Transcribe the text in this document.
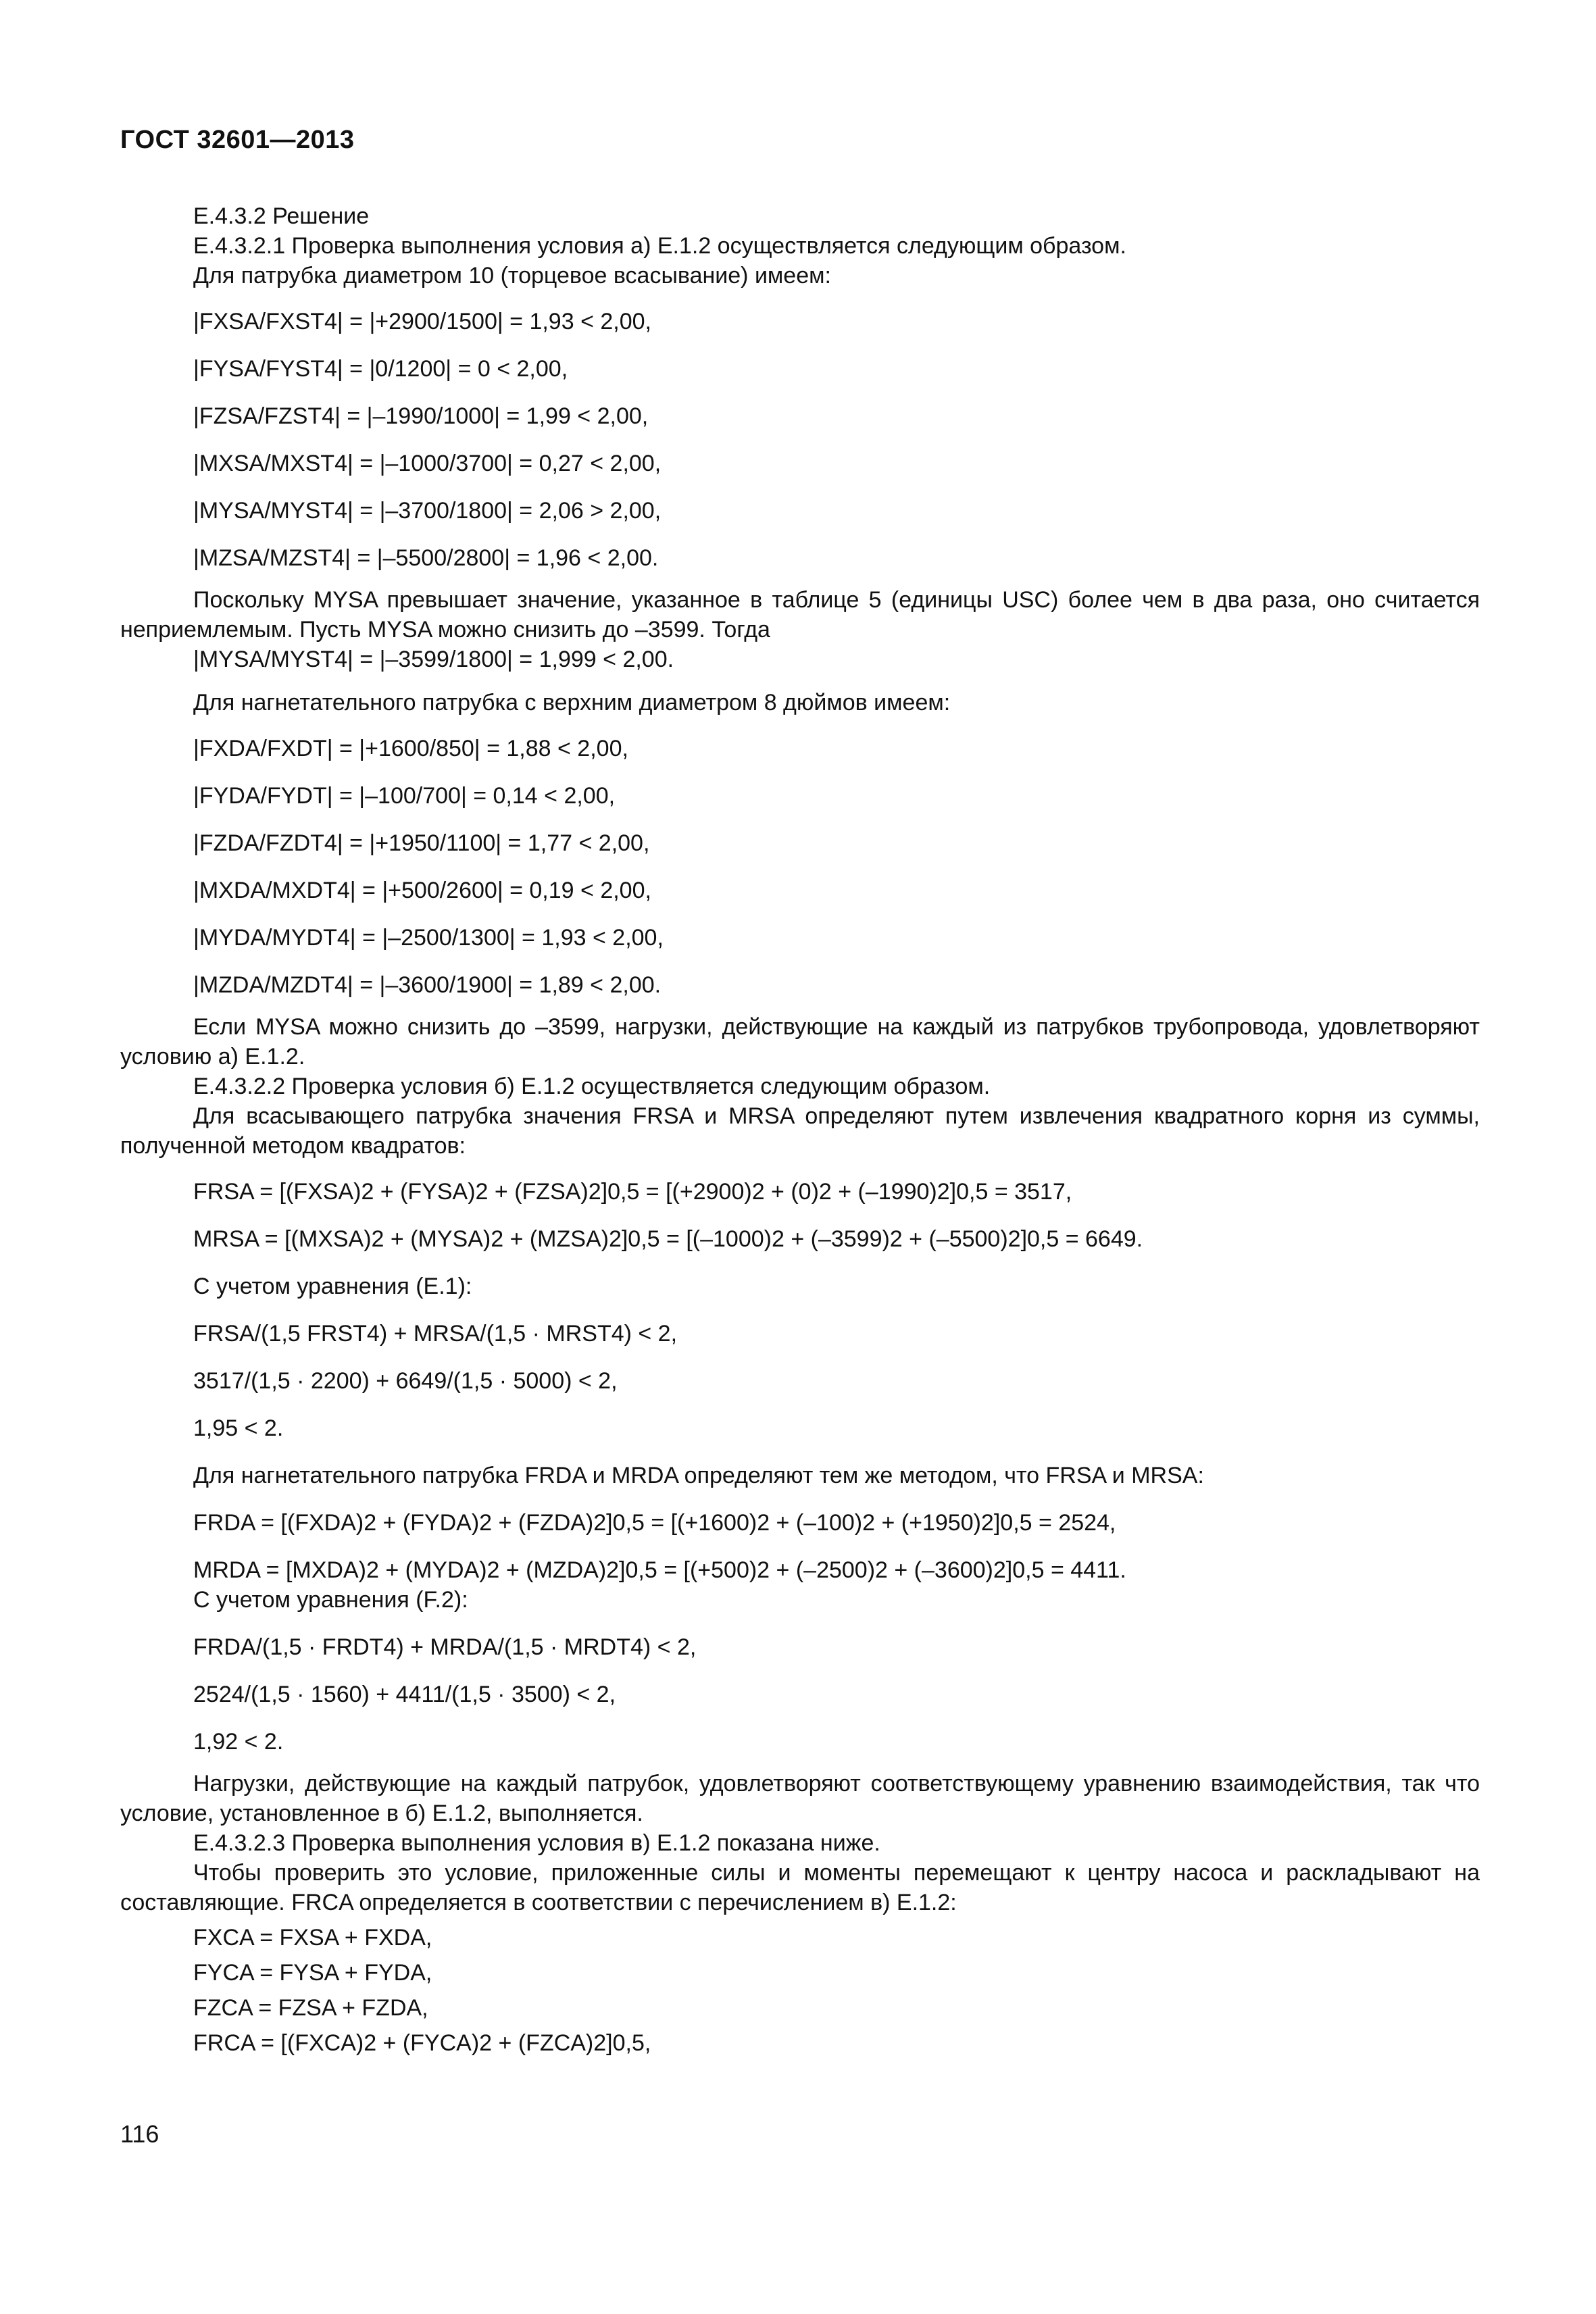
ГОСТ 32601—2013

Е.4.3.2 Решение

Е.4.3.2.1 Проверка выполнения условия а) Е.1.2 осуществляется следующим образом.

Для патрубка диаметром 10 (торцевое всасывание) имеем:

|FXSA/FXST4| = |+2900/1500| = 1,93 < 2,00,

|FYSA/FYST4| = |0/1200| = 0 < 2,00,

|FZSA/FZST4| = |–1990/1000| = 1,99 < 2,00,

|MXSA/MXST4| = |–1000/3700| = 0,27 < 2,00,

|MYSA/MYST4| = |–3700/1800| = 2,06 > 2,00,

|MZSA/MZST4| = |–5500/2800| = 1,96 < 2,00.

Поскольку MYSA превышает значение, указанное в таблице 5 (единицы USC) более чем в два раза, оно считается неприемлемым. Пусть MYSA можно снизить до –3599. Тогда

|MYSA/MYST4| = |–3599/1800| = 1,999 < 2,00.

Для нагнетательного патрубка с верхним диаметром 8 дюймов имеем:

|FXDA/FXDT| = |+1600/850| = 1,88 < 2,00,

|FYDA/FYDT| = |–100/700| = 0,14 < 2,00,

|FZDA/FZDT4| = |+1950/1100| = 1,77 < 2,00,

|MXDA/MXDT4| = |+500/2600| = 0,19 < 2,00,

|MYDA/MYDT4| = |–2500/1300| = 1,93 < 2,00,

|MZDA/MZDT4| = |–3600/1900| = 1,89 < 2,00.

Если MYSA можно снизить до –3599, нагрузки, действующие на каждый из патрубков трубопровода, удовлетворяют условию а) Е.1.2.

Е.4.3.2.2 Проверка условия б) Е.1.2 осуществляется следующим образом.

Для всасывающего патрубка значения FRSA и MRSA определяют путем извлечения квадратного корня из суммы, полученной методом квадратов:

FRSA = [(FXSA)2 + (FYSA)2 + (FZSA)2]0,5 = [(+2900)2 + (0)2 + (–1990)2]0,5 = 3517,

MRSA = [(MXSA)2 + (MYSA)2 + (MZSA)2]0,5 = [(–1000)2 + (–3599)2 + (–5500)2]0,5 = 6649.

С учетом уравнения (Е.1):

FRSA/(1,5 FRST4) + MRSA/(1,5 · MRST4) < 2,

3517/(1,5 · 2200) + 6649/(1,5 · 5000) < 2,

1,95 < 2.

Для нагнетательного патрубка FRDA и MRDA определяют тем же методом, что FRSA и MRSA:

FRDA = [(FXDA)2 + (FYDA)2 + (FZDA)2]0,5 = [(+1600)2 + (–100)2 + (+1950)2]0,5 = 2524,

MRDA = [MXDA)2 + (MYDA)2 + (MZDA)2]0,5 = [(+500)2 + (–2500)2 + (–3600)2]0,5 = 4411.

С учетом уравнения (F.2):

FRDA/(1,5 · FRDT4) + MRDA/(1,5 · MRDT4) < 2,

2524/(1,5 · 1560) + 4411/(1,5 · 3500) < 2,

1,92 < 2.

Нагрузки, действующие на каждый патрубок, удовлетворяют соответствующему уравнению взаимодействия, так что условие, установленное в б) Е.1.2, выполняется.

Е.4.3.2.3 Проверка выполнения условия в) Е.1.2 показана ниже.

Чтобы проверить это условие, приложенные силы и моменты перемещают к центру насоса и раскладывают на составляющие. FRCA определяется в соответствии с перечислением в) Е.1.2:

FXCA = FXSA + FXDA,

FYCA = FYSA + FYDA,

FZCA = FZSA + FZDA,

FRCA = [(FXCA)2 + (FYCA)2 + (FZCA)2]0,5,

116
